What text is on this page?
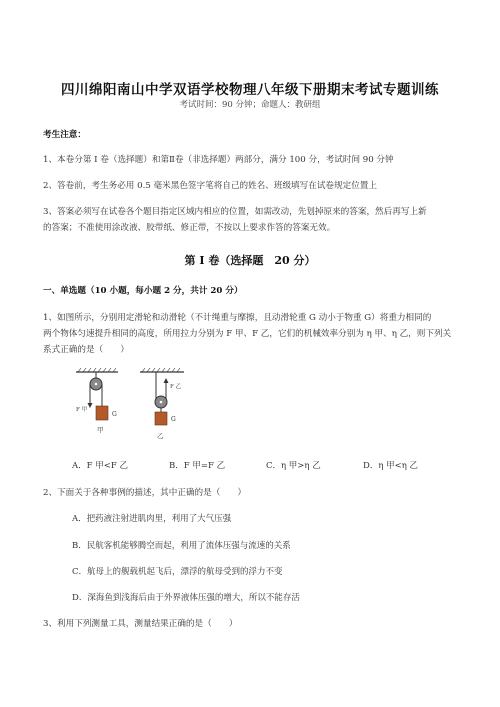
四川绵阳南山中学双语学校物理八年级下册期末考试专题训练
考试时间：90 分钟；命题人：教研组
考生注意：
1、本卷分第 I 卷（选择题）和第Ⅱ卷（非选择题）两部分，满分 100 分，考试时间 90 分钟
2、答卷前，考生务必用 0.5 毫米黑色签字笔将自己的姓名、班级填写在试卷规定位置上
3、答案必须写在试卷各个题目指定区域内相应的位置，如需改动，先划掉原来的答案，然后再写上新
的答案；不准使用涂改液、胶带纸、修正带，不按以上要求作答的答案无效。
第 I 卷（选择题　20 分）
一、单选题（10 小题，每小题 2 分，共计 20 分）
1、如图所示，分别用定滑轮和动滑轮（不计绳重与摩擦，且动滑轮重 G 动小于物重 G）将重力相同的
两个物体匀速提升相同的高度，所用拉力分别为 F 甲、F 乙，它们的机械效率分别为 η 甲、η 乙，则下列关
系式正确的是（　　）
F 甲
G
甲
F 乙
G
乙
A．F 甲<F 乙	B．F 甲=F 乙	C．η 甲>η 乙	D．η 甲<η 乙
2、下面关于各种事例的描述，其中正确的是（　　）
A．把药液注射进肌肉里，利用了大气压强
B．民航客机能够腾空而起，利用了流体压强与流速的关系
C．航母上的舰载机起飞后，漂浮的航母受到的浮力不变
D．深海鱼到浅海后由于外界液体压强的增大，所以不能存活
3、利用下列测量工具，测量结果正确的是（　　）
